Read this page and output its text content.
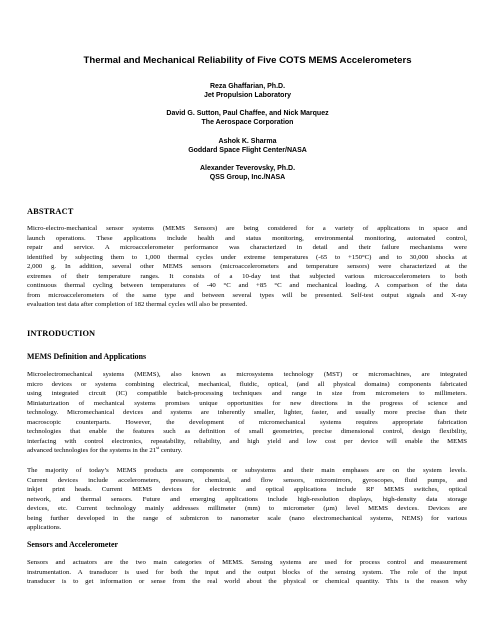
Thermal and Mechanical Reliability of Five COTS MEMS Accelerometers
Reza Ghaffarian, Ph.D.
Jet Propulsion Laboratory
David G. Sutton, Paul Chaffee, and Nick Marquez
The Aerospace Corporation
Ashok K. Sharma
Goddard Space Flight Center/NASA
Alexander Teverovsky, Ph.D.
QSS Group, Inc./NASA
ABSTRACT
Micro-electro-mechanical sensor systems (MEMS Sensors) are being considered for a variety of applications in space and
launch operations. These applications include health and status monitoring, environmental monitoring, automated control,
repair and service. A microaccelerometer performance was characterized in detail and their failure mechanisms were
identified by subjecting them to 1,000 thermal cycles under extreme temperatures (-65 to +150°C) and to 30,000 shocks at
2,000 g. In addition, several other MEMS sensors (microaccelerometers and temperature sensors) were characterized at the
extremes of their temperature ranges. It consists of a 10-day test that subjected various microaccelerometers to both
continuous thermal cycling between temperatures of -40 °C and +85 °C and mechanical loading. A comparison of the data
from microaccelerometers of the same type and between several types will be presented. Self-test output signals and X-ray
evaluation test data after completion of 182 thermal cycles will also be presented.
INTRODUCTION
MEMS Definition and Applications
Microelectromechanical systems (MEMS), also known as microsystems technology (MST) or micromachines, are integrated
micro devices or systems combining electrical, mechanical, fluidic, optical, (and all physical domains) components fabricated
using integrated circuit (IC) compatible batch-processing techniques and range in size from micrometers to millimeters.
Miniaturization of mechanical systems promises unique opportunities for new directions in the progress of science and
technology. Micromechanical devices and systems are inherently smaller, lighter, faster, and usually more precise than their
macroscopic counterparts. However, the development of micromechanical systems requires appropriate fabrication
technologies that enable the features such as definition of small geometries, precise dimensional control, design flexibility,
interfacing with control electronics, repeatability, reliability, and high yield and low cost per device will enable the MEMS
advanced technologies for the systems in the 21st century.
The majority of today’s MEMS products are components or subsystems and their main emphases are on the system levels.
Current devices include accelerometers, pressure, chemical, and flow sensors, micromirrors, gyroscopes, fluid pumps, and
inkjet print heads. Current MEMS devices for electronic and optical applications include RF MEMS switches, optical
network, and thermal sensors. Future and emerging applications include high-resolution displays, high-density data storage
devices, etc. Current technology mainly addresses millimeter (mm) to micrometer (µm) level MEMS devices. Devices are
being further developed in the range of submicron to nanometer scale (nano electromechanical systems, NEMS) for various
applications.
Sensors and Accelerometer
Sensors and actuators are the two main categories of MEMS. Sensing systems are used for process control and measurement
instrumentation. A transducer is used for both the input and the output blocks of the sensing system. The role of the input
transducer is to get information or sense from the real world about the physical or chemical quantity. This is the reason why
